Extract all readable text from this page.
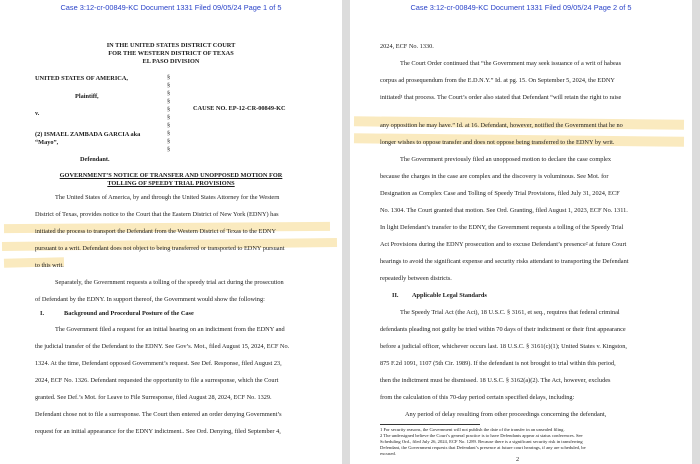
Case 3:12-cr-00849-KC Document 1331 Filed 09/05/24 Page 1 of 5
IN THE UNITED STATES DISTRICT COURT
FOR THE WESTERN DISTRICT OF TEXAS
EL PASO DIVISION
UNITED STATES OF AMERICA,
Plaintiff,
v.
CAUSE NO. EP-12-CR-00849-KC
(2) ISMAEL ZAMBADA GARCIA aka
“Mayo”,
Defendant.
§
§
§
§
§
§
§
§
§
§
GOVERNMENT’S NOTICE OF TRANSFER AND UNOPPOSED MOTION FOR
TOLLING OF SPEEDY TRIAL PROVISIONS
The United States of America, by and through the United States Attorney for the Western
District of Texas, provides notice to the Court that the Eastern District of New York (EDNY) has
initiated the process to transport the Defendant from the Western District of Texas to the EDNY
pursuant to a writ. Defendant does not object to being transferred or transported to EDNY pursuant
to this writ.
Separately, the Government requests a tolling of the speedy trial act during the prosecution
of Defendant by the EDNY. In support thereof, the Government would show the following:
I.	Background and Procedural Posture of the Case
The Government filed a request for an initial hearing on an indictment from the EDNY and
the judicial transfer of the Defendant to the EDNY. See Gov’s. Mot., filed August 15, 2024, ECF No.
1324. At the time, Defendant opposed Government’s request. See Def. Response, filed August 23,
2024, ECF No. 1326. Defendant requested the opportunity to file a surresponse, which the Court
granted. See Def.’s Mot. for Leave to File Surresponse, filed August 28, 2024, ECF No. 1329.
Defendant chose not to file a surresponse. The Court then entered an order denying Government’s
request for an initial appearance for the EDNY indictment.. See Ord. Denying, filed September 4,
Case 3:12-cr-00849-KC Document 1331 Filed 09/05/24 Page 2 of 5
2024, ECF No. 1330.
The Court Order continued that “the Government may seek issuance of a writ of habeas
corpus ad prosequendum from the E.D.N.Y.” Id. at pg. 15. On September 5, 2024, the EDNY
initiated¹ that process. The Court’s order also stated that Defendant “will retain the right to raise
any opposition he may have.” Id. at 16. Defendant, however, notified the Government that he no
longer wishes to oppose transfer and does not oppose being transferred to the EDNY by writ.
The Government previously filed an unopposed motion to declare the case complex
because the charges in the case are complex and the discovery is voluminous. See Mot. for
Designation as Complex Case and Tolling of Speedy Trial Provisions, filed July 31, 2024, ECF
No. 1304. The Court granted that motion. See Ord. Granting, filed August 1, 2023, ECF No. 1311.
In light Defendant’s transfer to the EDNY, the Government requests a tolling of the Speedy Trial
Act Provisions during the EDNY prosecution and to excuse Defendant’s presence² at future Court
hearings to avoid the significant expense and security risks attendant to transporting the Defendant
repeatedly between districts.
II. Applicable Legal Standards
The Speedy Trial Act (the Act), 18 U.S.C. § 3161, et seq., requires that federal criminal
defendants pleading not guilty be tried within 70 days of their indictment or their first appearance
before a judicial officer, whichever occurs last. 18 U.S.C. § 3161(c)(1); United States v. Kingston,
875 F.2d 1091, 1107 (5th Cir. 1989). If the defendant is not brought to trial within this period,
then the indictment must be dismissed. 18 U.S.C. § 3162(a)(2). The Act, however, excludes
from the calculation of this 70-day period certain specified delays, including:
Any period of delay resulting from other proceedings concerning the defendant,
1 For security reasons, the Government will not publish the date of the transfer in an unsealed filing.
2 The undersigned believe the Court’s general practice is to have Defendants appear at status conferences. See
Scheduling Ord., filed July 26, 2024, ECF No. 1289. Because there is a significant security risk in transferring
Defendant, the Government requests that Defendant’s presence at future court hearings, if any are scheduled, be
excused.
2
